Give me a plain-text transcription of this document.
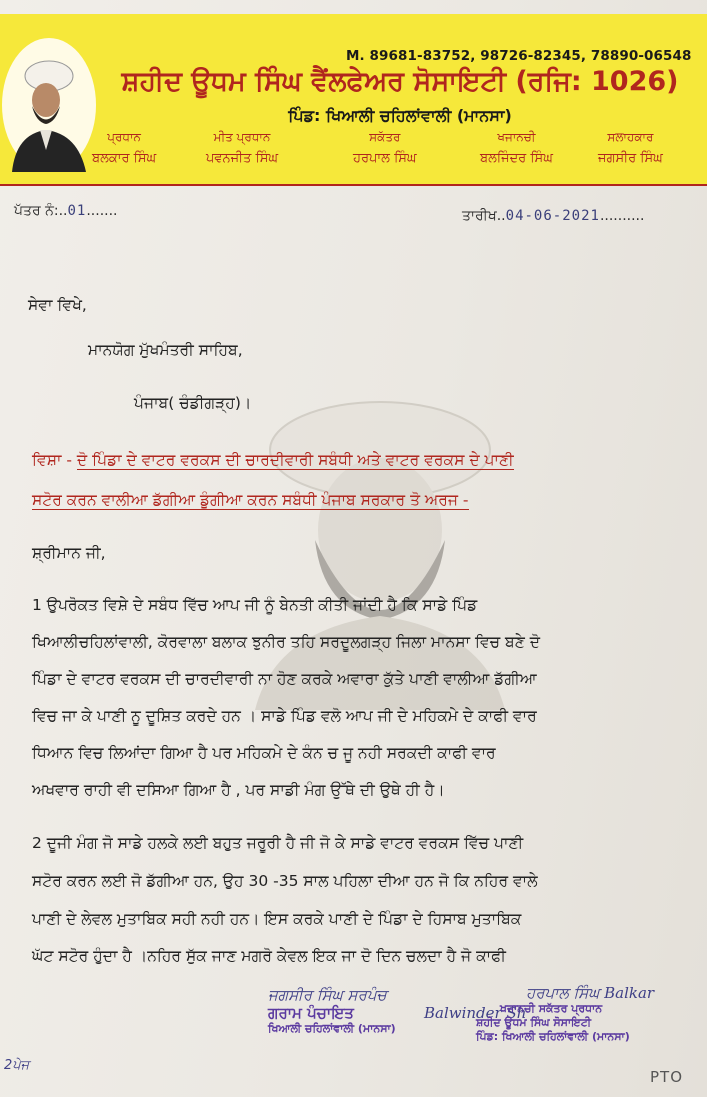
M. 89681-83752, 98726-82345, 78890-06548
ਸ਼ਹੀਦ ਊਧਮ ਸਿੰਘ ਵੈਂਲਫੇਅਰ ਸੋਸਾਇਟੀ (ਰਜਿ: 1026)
ਪਿੰਡ: ਖਿਆਲੀ ਚਹਿਲਾਂਵਾਲੀ (ਮਾਨਸਾ)
ਪ੍ਰਧਾਨ
ਬਲਕਾਰ ਸਿੰਘ
ਮੀਤ ਪ੍ਰਧਾਨ
ਪਵਨਜੀਤ ਸਿੰਘ
ਸਕੱਤਰ
ਹਰਪਾਲ ਸਿੰਘ
ਖਜਾਨਚੀ
ਬਲਜਿੰਦਰ ਸਿੰਘ
ਸਲਾਹਕਾਰ
ਜਗਸੀਰ ਸਿੰਘ
ਪੱਤਰ ਨੰ:..01.......	ਤਾਰੀਖ..04-06-2021..........
ਸੇਵਾ ਵਿਖੇ,
ਮਾਨਯੋਗ ਮੁੱਖਮੰਤਰੀ ਸਾਹਿਬ,
ਪੰਜਾਬ( ਚੰਡੀਗੜ੍ਹ)।
ਵਿਸ਼ਾ - ਦੋ ਪਿੰਡਾ ਦੇ ਵਾਟਰ ਵਰਕਸ ਦੀ ਚਾਰਦੀਵਾਰੀ ਸਬੰਧੀ ਅਤੇ ਵਾਟਰ ਵਰਕਸ ਦੇ ਪਾਣੀ
ਸਟੋਰ ਕਰਨ ਵਾਲੀਆ ਡੱਗੀਆ ਡੂੰਗੀਆ ਕਰਨ ਸਬੰਧੀ ਪੰਜਾਬ ਸਰਕਾਰ ਤੋ ਅਰਜ -
ਸ਼੍ਰੀਮਾਨ ਜੀ,
1 ਉਪਰੋਕਤ ਵਿਸ਼ੇ ਦੇ ਸਬੰਧ ਵਿੱਚ ਆਪ ਜੀ ਨੂੰ ਬੇਨਤੀ ਕੀਤੀ ਜਾਂਦੀ ਹੈ ਕਿ ਸਾਡੇ ਪਿੰਡ
ਖਿਆਲੀਚਹਿਲਾਂਵਾਲੀ, ਕੋਰਵਾਲਾ ਬਲਾਕ ਝੁਨੀਰ ਤਹਿ ਸਰਦੂਲਗੜ੍ਹ ਜਿਲਾ ਮਾਨਸਾ ਵਿਚ ਬਣੇ ਦੋ
ਪਿੰਡਾ ਦੇ ਵਾਟਰ ਵਰਕਸ ਦੀ ਚਾਰਦੀਵਾਰੀ ਨਾ ਹੋਣ ਕਰਕੇ ਅਵਾਰਾ ਕੁੱਤੇ ਪਾਣੀ ਵਾਲੀਆ ਡੱਗੀਆ
ਵਿਚ ਜਾ ਕੇ ਪਾਣੀ ਨੂ ਦੂਸ਼ਿਤ ਕਰਦੇ ਹਨ । ਸਾਡੇ ਪਿੰਡ ਵਲੋ ਆਪ ਜੀ ਦੇ ਮਹਿਕਮੇ ਦੇ ਕਾਫੀ ਵਾਰ
ਧਿਆਨ ਵਿਚ ਲਿਆਂਦਾ ਗਿਆ ਹੈ ਪਰ ਮਹਿਕਮੇ ਦੇ ਕੰਨ ਚ ਜੂ ਨਹੀ ਸਰਕਦੀ ਕਾਫੀ ਵਾਰ
ਅਖਵਾਰ ਰਾਹੀ ਵੀ ਦਸਿਆ ਗਿਆ ਹੈ , ਪਰ ਸਾਡੀ ਮੰਗ ਉੱਥੇ ਦੀ ਉਥੇ ਹੀ ਹੈ।
2 ਦੂਜੀ ਮੰਗ ਜੋ ਸਾਡੇ ਹਲਕੇ ਲਈ ਬਹੁਤ ਜਰੂਰੀ ਹੈ ਜੀ ਜੋ ਕੇ ਸਾਡੇ ਵਾਟਰ ਵਰਕਸ ਵਿੱਚ ਪਾਣੀ
ਸਟੋਰ ਕਰਨ ਲਈ ਜੋ ਡੱਗੀਆ ਹਨ, ਉਹ 30 -35 ਸਾਲ ਪਹਿਲਾ ਦੀਆ ਹਨ ਜੋ ਕਿ ਨਹਿਰ ਵਾਲੇ
ਪਾਣੀ ਦੇ ਲੇਵਲ ਮੁਤਾਬਿਕ ਸਹੀ ਨਹੀ ਹਨ। ਇਸ ਕਰਕੇ ਪਾਣੀ ਦੇ ਪਿੰਡਾ ਦੇ ਹਿਸਾਬ ਮੁਤਾਬਿਕ
ਘੱਟ ਸਟੋਰ ਹੁੰਦਾ ਹੈ ।ਨਹਿਰ ਸੁੱਕ ਜਾਣ ਮਗਰੋ ਕੇਵਲ ਇਕ ਜਾ ਦੋ ਦਿਨ ਚਲਦਾ ਹੈ ਜੋ ਕਾਫੀ
ਜਗਸੀਰ ਸਿੰਘ ਸਰਪੰਚ
ਗਰਾਮ ਪੰਚਾਇਤ
ਖਿਆਲੀ ਚਹਿਲਾਂਵਾਲੀ (ਮਾਨਸਾ)
Balwinder Sh
ਹਰਪਾਲ ਸਿੰਘ Balkar
ਖਜਾਨਚੀ ਸਕੱਤਰ ਪ੍ਰਧਾਨ
ਸ਼ਹੀਦ ਊਧਮ ਸਿੰਘ ਸੋਸਾਇਟੀ
ਪਿੰਡ: ਖਿਆਲੀ ਚਹਿਲਾਂਵਾਲੀ (ਮਾਨਸਾ)
2ਪੇਜ
PTO
